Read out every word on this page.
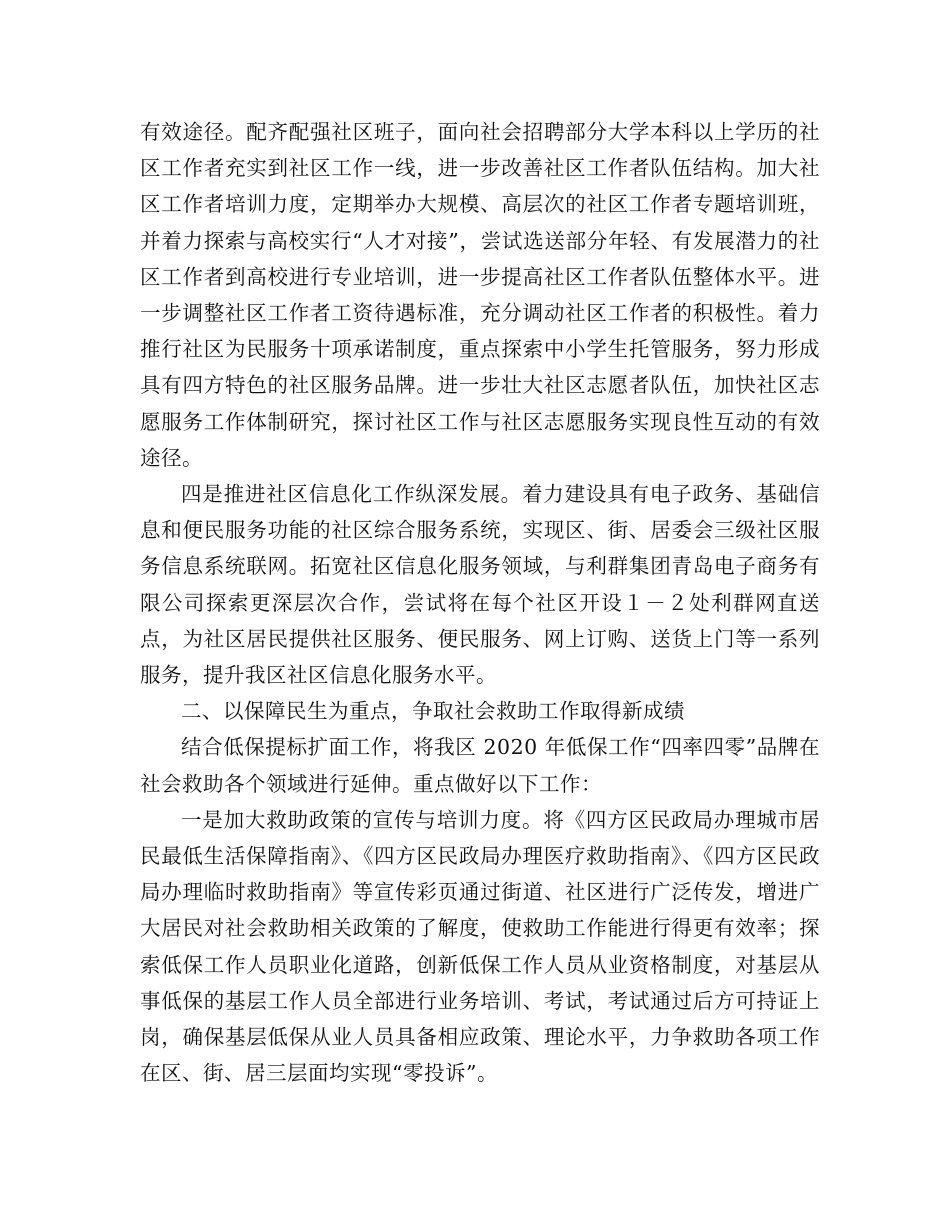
有效途径。配齐配强社区班子，面向社会招聘部分大学本科以上学历的社区工作者充实到社区工作一线，进一步改善社区工作者队伍结构。加大社区工作者培训力度，定期举办大规模、高层次的社区工作者专题培训班，并着力探索与高校实行“人才对接”，尝试选送部分年轻、有发展潜力的社区工作者到高校进行专业培训，进一步提高社区工作者队伍整体水平。进一步调整社区工作者工资待遇标准，充分调动社区工作者的积极性。着力推行社区为民服务十项承诺制度，重点探索中小学生托管服务，努力形成具有四方特色的社区服务品牌。进一步壮大社区志愿者队伍，加快社区志愿服务工作体制研究，探讨社区工作与社区志愿服务实现良性互动的有效途径。

四是推进社区信息化工作纵深发展。着力建设具有电子政务、基础信息和便民服务功能的社区综合服务系统，实现区、街、居委会三级社区服务信息系统联网。拓宽社区信息化服务领域，与利群集团青岛电子商务有限公司探索更深层次合作，尝试将在每个社区开设１－２处利群网直送点，为社区居民提供社区服务、便民服务、网上订购、送货上门等一系列服务，提升我区社区信息化服务水平。

二、以保障民生为重点，争取社会救助工作取得新成绩

结合低保提标扩面工作，将我区 2020 年低保工作“四率四零”品牌在社会救助各个领域进行延伸。重点做好以下工作：

一是加大救助政策的宣传与培训力度。将《四方区民政局办理城市居民最低生活保障指南》、《四方区民政局办理医疗救助指南》、《四方区民政局办理临时救助指南》等宣传彩页通过街道、社区进行广泛传发，增进广大居民对社会救助相关政策的了解度，使救助工作能进行得更有效率；探索低保工作人员职业化道路，创新低保工作人员从业资格制度，对基层从事低保的基层工作人员全部进行业务培训、考试，考试通过后方可持证上岗，确保基层低保从业人员具备相应政策、理论水平，力争救助各项工作在区、街、居三层面均实现“零投诉”。
